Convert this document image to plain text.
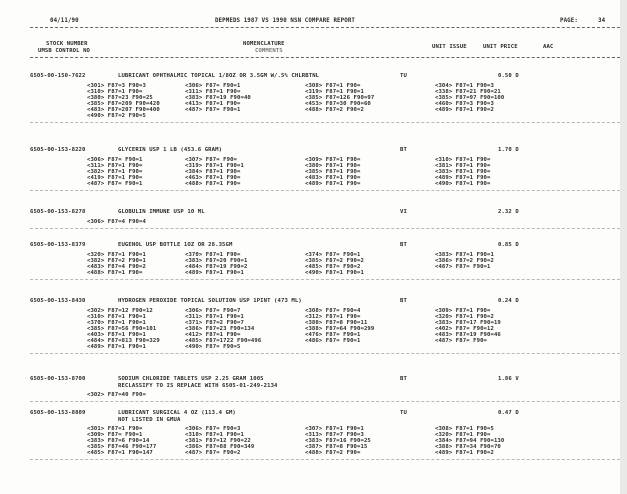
04/11/90	DEPMEDS 1987 VS 1990 NSN COMPARE REPORT	PAGE:	34
STOCK NUMBER
UMSB CONTROL NO
NOMENCLATURE
COMMENTS
UNIT ISSUE	UNIT PRICE	AAC
6505-00-150-7622	LUBRICANT OPHTHALMIC TOPICAL 1/8OZ OR 3.5GM W/.5% CHLRBTNL	TU	0.50 D
<301> F87=3 F90=3	<306> F87= F90=1	<308> F87=1 F90=	<304> F87=1 F90=3
<310> F87=1 F90=	<311> F87=1 F90=	<319> F87=1 F90=1	<338> F87=21 F90=21
<380> F87=23 F90=25	<383> F87=19 F90=40	<385> F87=126 F90=97	<385> F87=97 F90=100
<385> F87=209 F90=420	<413> F87=1 F90=	<453> F87=30 F90=60	<460> F87=3 F90=3
<483> F87=207 F90=400	<487> F87= F90=1	<488> F87=2 F90=2	<489> F87=1 F90=2
<490> F87=2 F90=5
6505-00-153-8220	GLYCERIN USP 1 LB (453.6 GRAM)	BT	1.70 D
<306> F87= F90=1	<307> F87= F90=	<309> F87=1 F90=	<310> F87=1 F90=
<311> F87=1 F90=	<319> F87=1 F90=1	<380> F87=1 F90=	<381> F87=1 F90=
<382> F87=1 F90=	<384> F87=1 F90=	<385> F87=1 F90=	<383> F87=1 F90=
<419> F87=1 F90=	<463> F87=1 F90=	<483> F87=1 F90=	<489> F87=1 F90=
<487> F87= F90=1	<488> F87=1 F90=	<489> F87=1 F90=	<490> F87=1 F90=
6505-00-153-8278	GLOBULIN IMMUNE USP 10 ML	VI	2.32 D
<306> F87=4 F90=4
6505-00-153-8379	EUGENOL USP BOTTLE 1OZ OR 28.35GM	BT	0.85 D
<320> F87=1 F90=1	<370> F87=1 F90=	<374> F87= F90=1	<383> F87=1 F90=1
<382> F87=2 F90=1	<383> F87=20 F90=1	<385> F87=2 F90=2	<386> F87=2 F90=2
<483> F87=4 F90=2	<484> F87=19 F90=2	<485> F87= F90=2	<487> F87= F90=1
<488> F87=1 F90=	<489> F87=1 F90=1	<490> F87=1 F90=1
6505-00-153-8430	HYDROGEN PEROXIDE TOPICAL SOLUTION USP 1PINT (473 ML)	BT	0.24 D
<302> F87=12 F90=12	<306> F87= F90=7	<308> F87= F90=4	<309> F87=1 F90=
<310> F87=1 F90=1	<311> F87=1 F90=1	<312> F87=1 F90=	<320> F87=1 F90=2
<370> F87=1 F90=1	<371> F87=2 F90=7	<380> F87=8 F90=11	<383> F87=17 F90=19
<385> F87=56 F90=101	<386> F87=23 F90=134	<388> F87=64 F90=299	<402> F87= F90=12
<403> F87=1 F90=1	<412> F87=1 F90=	<476> F87= F90=1	<483> F87=19 F90=46
<484> F87=813 F90=329	<485> F87=1722 F90=496	<486> F87= F90=1	<487> F87= F90=
<489> F87=1 F90=1	<490> F87= F90=5
6505-00-153-8700	SODIUM CHLORIDE TABLETS USP 2.25 GRAM 100S	BT	1.86 V
RECLASSIFY TO IS REPLACE WITH 6505-01-249-2134
<302> F87=40 F90=
6505-00-153-8809	LUBRICANT SURGICAL 4 OZ (113.4 GM)	TU	0.47 D
NOT LISTED IN GMUA
<301> F87=1 F90=	<306> F87= F90=3	<307> F87=1 F90=1	<308> F87=1 F90=5
<309> F87= F90=1	<310> F87=1 F90=1	<313> F87=7 F90=3	<320> F87=1 F90=
<383> F87=6 F90=14	<381> F87=12 F90=22	<383> F87=16 F90=25	<384> F87=94 F90=130
<385> F87=46 F90=177	<386> F87=88 F90=349	<387> F87=8 F90=15	<388> F87=34 F90=70
<485> F87=1 F90=147	<487> F87= F90=2	<488> F87=2 F90=	<489> F87=1 F90=2
